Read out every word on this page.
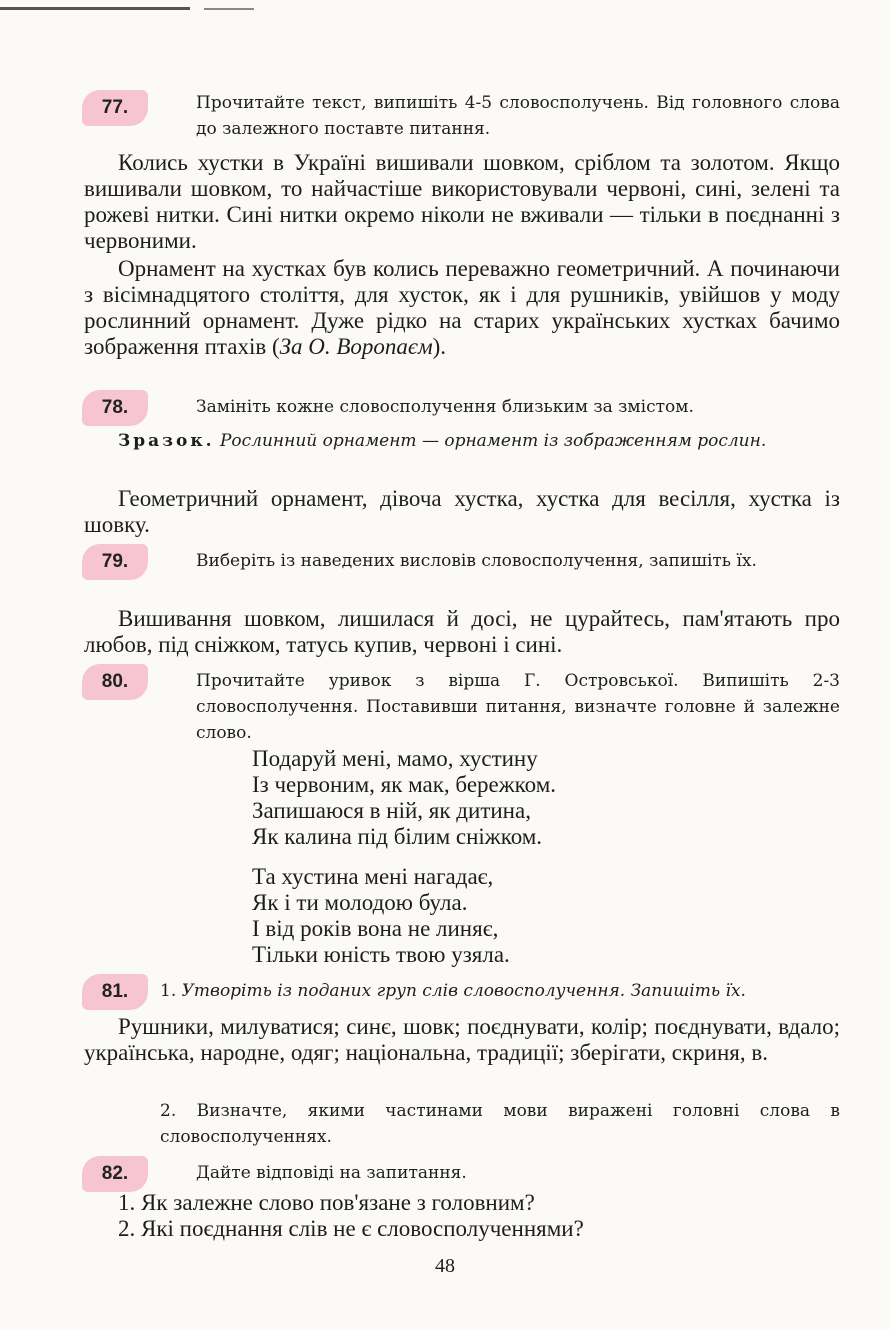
77.	Прочитайте текст, випишіть 4-5 словосполучень. Від головного слова до залежного поставте питання.
Колись хустки в Україні вишивали шовком, сріблом та золотом. Якщо вишивали шовком, то найчастіше використовували червоні, сині, зелені та рожеві нитки. Сині нитки окремо ніколи не вживали — тільки в поєднанні з червоними.
Орнамент на хустках був колись переважно геометричний. А починаючи з вісімнадцятого століття, для хусток, як і для рушників, увійшов у моду рослинний орнамент. Дуже рідко на старих українських хустках бачимо зображення птахів (За О. Воропаєм).
78.	Замініть кожне словосполучення близьким за змістом.
Зразок. Рослинний орнамент — орнамент із зображенням рослин.
Геометричний орнамент, дівоча хустка, хустка для весілля, хустка із шовку.
79.	Виберіть із наведених висловів словосполучення, запишіть їх.
Вишивання шовком, лишилася й досі, не цурайтесь, пам'ятають про любов, під сніжком, татусь купив, червоні і сині.
80.	Прочитайте уривок з вірша Г. Островської. Випишіть 2-3 словосполучення. Поставивши питання, визначте головне й залежне слово.
Подаруй мені, мамо, хустину
Із червоним, як мак, бережком.
Запишаюся в ній, як дитина,
Як калина під білим сніжком.
Та хустина мені нагадає,
Як і ти молодою була.
І від років вона не линяє,
Тільки юність твою узяла.
81.	1. Утворіть із поданих груп слів словосполучення. Запишіть їх.
Рушники, милуватися; синє, шовк; поєднувати, колір; поєднувати, вдало; українська, народне, одяг; національна, традиції; зберігати, скриня, в.
2. Визначте, якими частинами мови виражені головні слова в словосполученнях.
82.	Дайте відповіді на запитання.
1. Як залежне слово пов'язане з головним?
2. Які поєднання слів не є словосполученнями?
48
